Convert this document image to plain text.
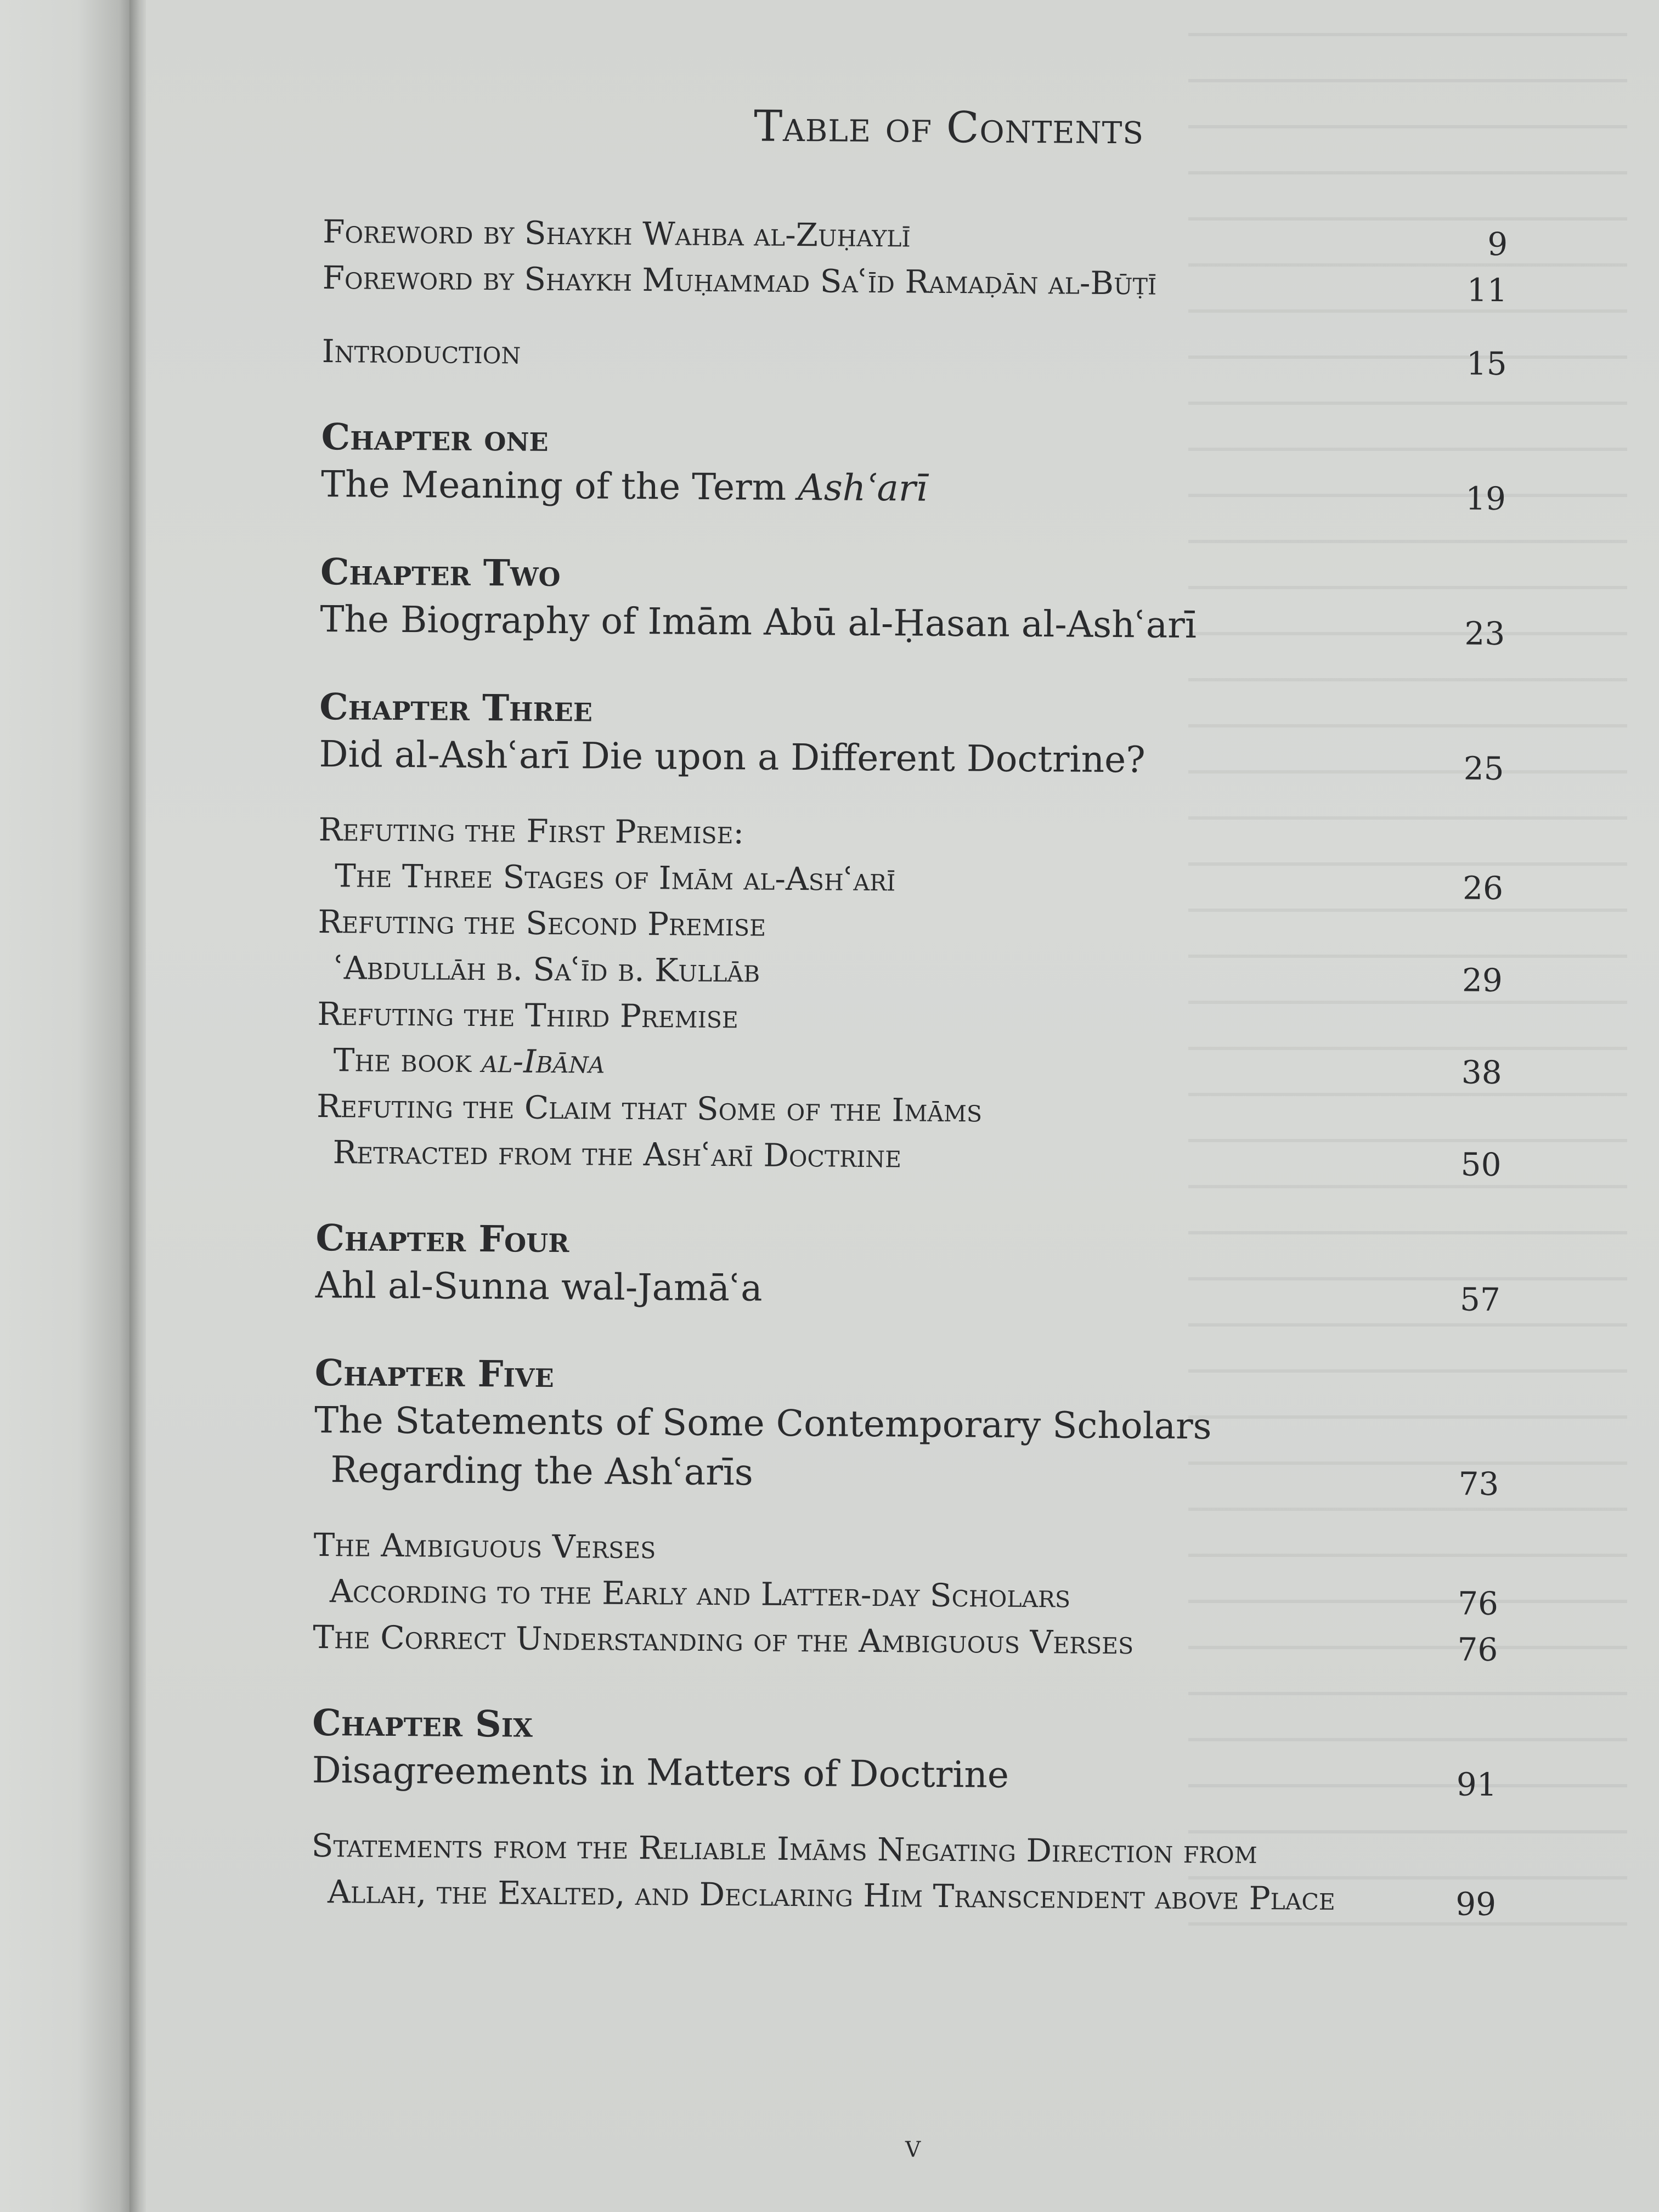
Table of Contents
Foreword by Shaykh Wahba al-Zuḥaylī	9
Foreword by Shaykh Muḥammad Saʿīd Ramaḍān al-Būṭī	11
Introduction	15
Chapter one
The Meaning of the Term Ashʿarī	19
Chapter Two
The Biography of Imām Abū al-Ḥasan al-Ashʿarī	23
Chapter Three
Did al-Ashʿarī Die upon a Different Doctrine?	25
Refuting the First Premise:
The Three Stages of Imām al-Ashʿarī	26
Refuting the Second Premise
ʿAbdullāh b. Saʿīd b. Kullāb	29
Refuting the Third Premise
The book al-Ibāna	38
Refuting the Claim that Some of the Imāms
Retracted from the Ashʿarī Doctrine	50
Chapter Four
Ahl al-Sunna wal-Jamāʿa	57
Chapter Five
The Statements of Some Contemporary Scholars
Regarding the Ashʿarīs	73
The Ambiguous Verses
According to the Early and Latter-day Scholars	76
The Correct Understanding of the Ambiguous Verses	76
Chapter Six
Disagreements in Matters of Doctrine	91
Statements from the Reliable Imāms Negating Direction from
Allah, the Exalted, and Declaring Him Transcendent above Place	99
v
